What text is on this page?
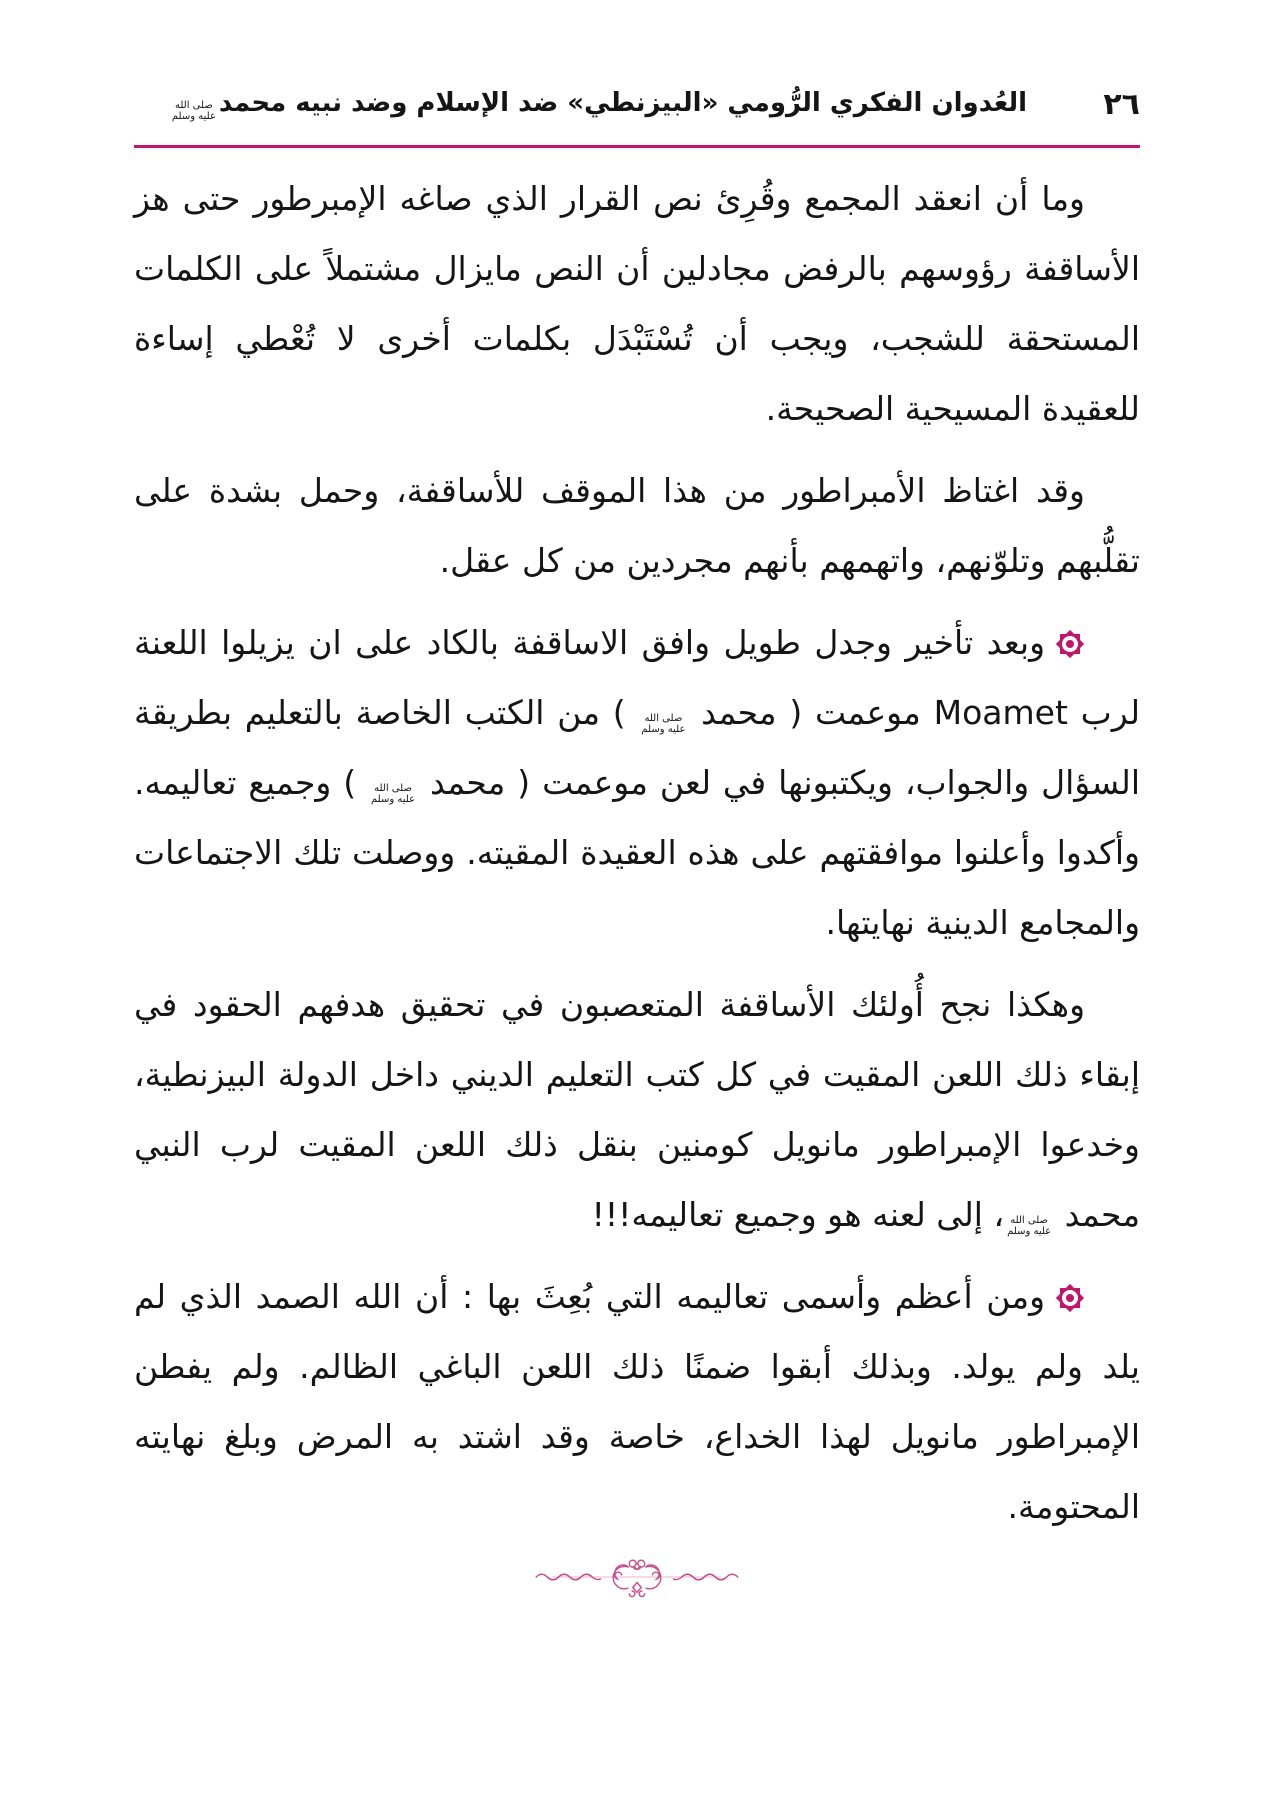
٢٦
العُدوان الفكري الرُّومي «البيزنطي» ضد الإسلام وضد نبيه محمد
صلى الله
عليه وسلم

وما أن انعقد المجمع وقُرِئ نص القرار الذي صاغه الإمبرطور حتى هز الأساقفة رؤوسهم بالرفض مجادلين أن النص مايزال مشتملاً على الكلمات المستحقة للشجب، ويجب أن تُسْتَبْدَل بكلمات أخرى لا تُعْطي إساءة للعقيدة المسيحية الصحيحة.

وقد اغتاظ الأمبراطور من هذا الموقف للأساقفة، وحمل بشدة على تقلُّبهم وتلوّنهم، واتهمهم بأنهم مجردين من كل عقل.

وبعد تأخير وجدل طويل وافق الاساقفة بالكاد على ان يزيلوا اللعنة لرب Moamet موعمت ( محمد
صلى الله
عليه وسلم
) من الكتب الخاصة بالتعليم بطريقة السؤال والجواب، ويكتبونها في لعن موعمت ( محمد
صلى الله
عليه وسلم
) وجميع تعاليمه. وأكدوا وأعلنوا موافقتهم على هذه العقيدة المقيته. ووصلت تلك الاجتماعات والمجامع الدينية نهايتها.

وهكذا نجح أُولئك الأساقفة المتعصبون في تحقيق هدفهم الحقود في إبقاء ذلك اللعن المقيت في كل كتب التعليم الديني داخل الدولة البيزنطية، وخدعوا الإمبراطور مانويل كومنين بنقل ذلك اللعن المقيت لرب النبي محمد
صلى الله
عليه وسلم
، إلى لعنه هو وجميع تعاليمه!!!

ومن أعظم وأسمى تعاليمه التي بُعِثَ بها : أن الله الصمد الذي لم يلد ولم يولد. وبذلك أبقوا ضمنًا ذلك اللعن الباغي الظالم. ولم يفطن الإمبراطور مانويل لهذا الخداع، خاصة وقد اشتد به المرض وبلغ نهايته المحتومة.
